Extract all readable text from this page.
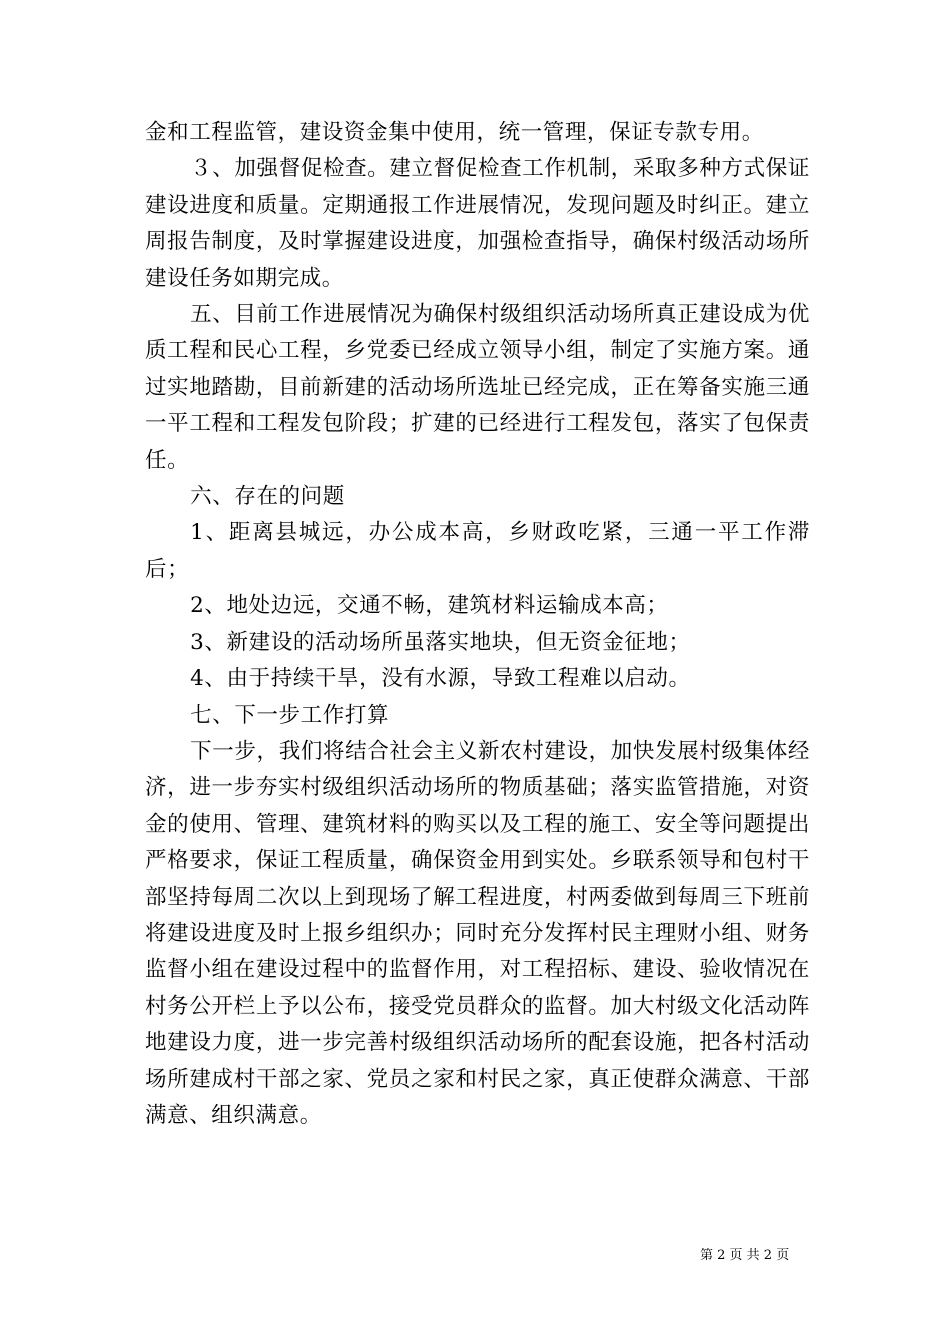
金和工程监管，建设资金集中使用，统一管理，保证专款专用。

３、加强督促检查。建立督促检查工作机制，采取多种方式保证建设进度和质量。定期通报工作进展情况，发现问题及时纠正。建立周报告制度，及时掌握建设进度，加强检查指导，确保村级活动场所建设任务如期完成。

五、目前工作进展情况为确保村级组织活动场所真正建设成为优质工程和民心工程，乡党委已经成立领导小组，制定了实施方案。通过实地踏勘，目前新建的活动场所选址已经完成，正在筹备实施三通一平工程和工程发包阶段；扩建的已经进行工程发包，落实了包保责任。

六、存在的问题

1、距离县城远，办公成本高，乡财政吃紧，三通一平工作滞后；

2、地处边远，交通不畅，建筑材料运输成本高；

3、新建设的活动场所虽落实地块，但无资金征地；

4、由于持续干旱，没有水源，导致工程难以启动。

七、下一步工作打算

下一步，我们将结合社会主义新农村建设，加快发展村级集体经济，进一步夯实村级组织活动场所的物质基础；落实监管措施，对资金的使用、管理、建筑材料的购买以及工程的施工、安全等问题提出严格要求，保证工程质量，确保资金用到实处。乡联系领导和包村干部坚持每周二次以上到现场了解工程进度，村两委做到每周三下班前将建设进度及时上报乡组织办；同时充分发挥村民主理财小组、财务监督小组在建设过程中的监督作用，对工程招标、建设、验收情况在村务公开栏上予以公布，接受党员群众的监督。加大村级文化活动阵地建设力度，进一步完善村级组织活动场所的配套设施，把各村活动场所建成村干部之家、党员之家和村民之家，真正使群众满意、干部满意、组织满意。

第 2 页 共 2 页
